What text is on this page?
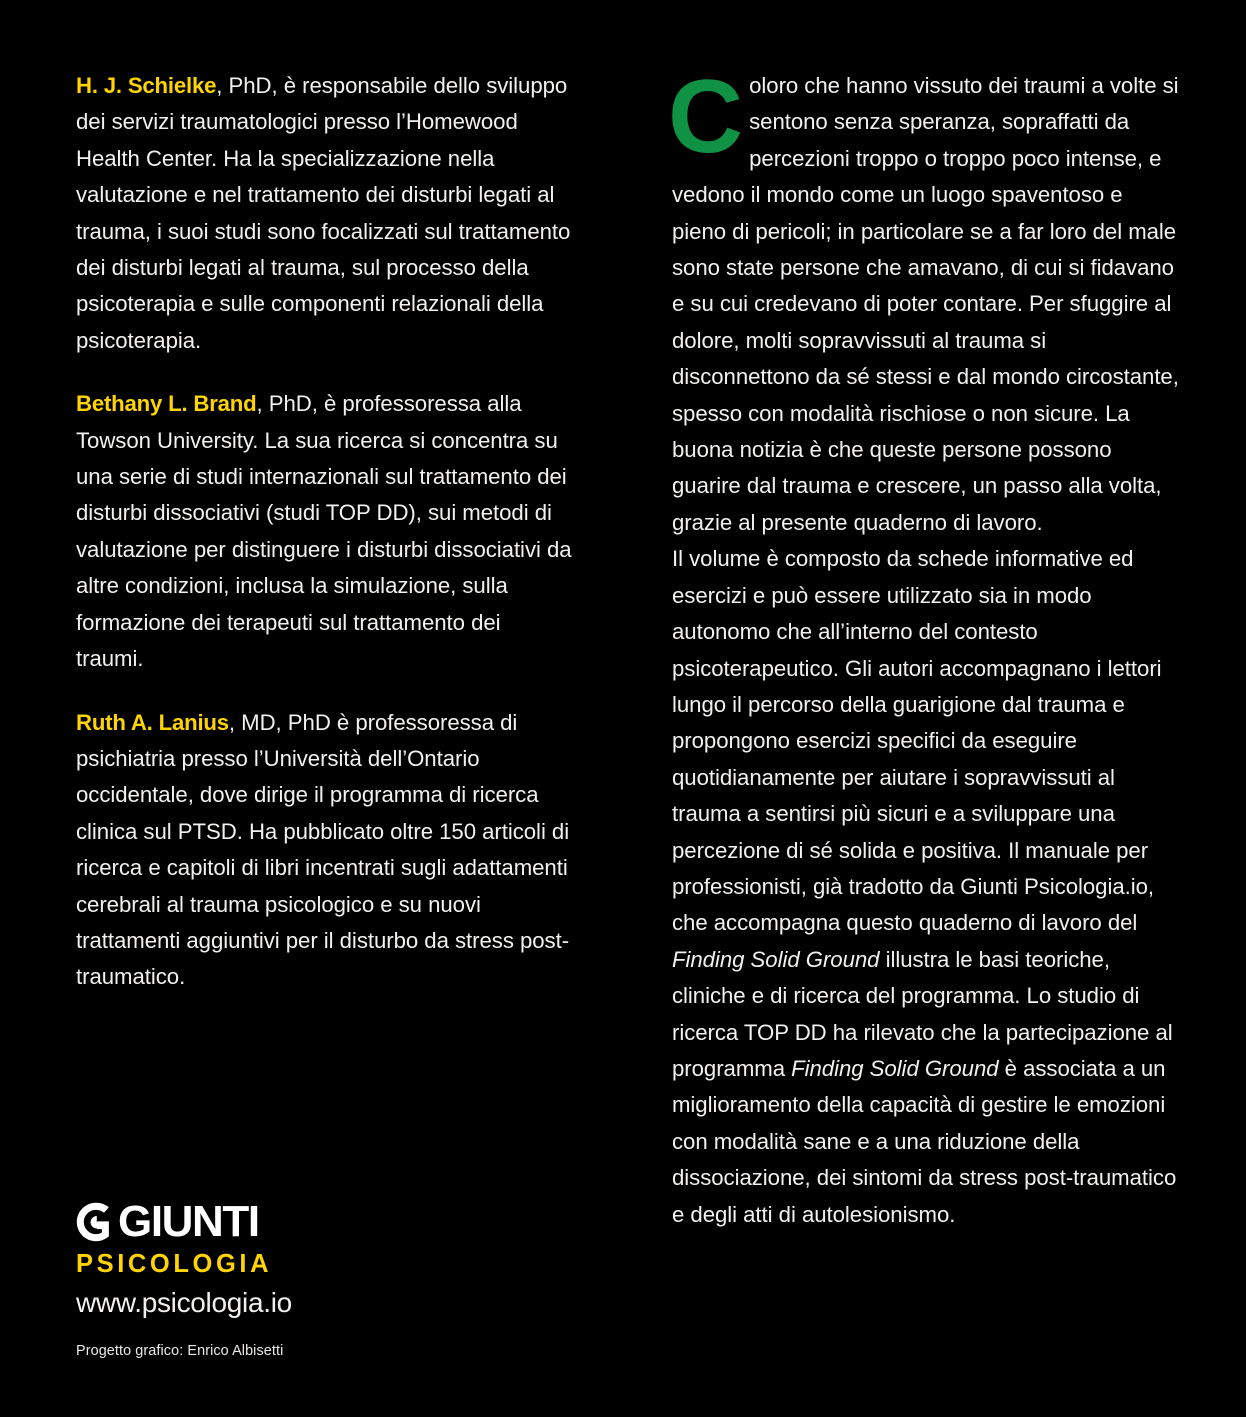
H. J. Schielke, PhD, è responsabile dello sviluppo dei servizi traumatologici presso l’Homewood Health Center. Ha la specializzazione nella valutazione e nel trattamento dei disturbi legati al trauma, i suoi studi sono focalizzati sul trattamento dei disturbi legati al trauma, sul processo della psicoterapia e sulle componenti relazionali della psicoterapia.

Bethany L. Brand, PhD, è professoressa alla Towson University. La sua ricerca si concentra su una serie di studi internazionali sul trattamento dei disturbi dissociativi (studi TOP DD), sui metodi di valutazione per distinguere i disturbi dissociativi da altre condizioni, inclusa la simulazione, sulla formazione dei terapeuti sul trattamento dei traumi.

Ruth A. Lanius, MD, PhD è professoressa di psichiatria presso l’Università dell’Ontario occidentale, dove dirige il programma di ricerca clinica sul PTSD. Ha pubblicato oltre 150 articoli di ricerca e capitoli di libri incentrati sugli adattamenti cerebrali al trauma psicologico e su nuovi trattamenti aggiuntivi per il disturbo da stress post-traumatico.

Coloro che hanno vissuto dei traumi a volte si sentono senza speranza, sopraffatti da percezioni troppo o troppo poco intense, e vedono il mondo come un luogo spaventoso e pieno di pericoli; in particolare se a far loro del male sono state persone che amavano, di cui si fidavano e su cui credevano di poter contare. Per sfuggire al dolore, molti sopravvissuti al trauma si disconnettono da sé stessi e dal mondo circostante, spesso con modalità rischiose o non sicure. La buona notizia è che queste persone possono guarire dal trauma e crescere, un passo alla volta, grazie al presente quaderno di lavoro.
Il volume è composto da schede informative ed esercizi e può essere utilizzato sia in modo autonomo che all’interno del contesto psicoterapeutico. Gli autori accompagnano i lettori lungo il percorso della guarigione dal trauma e propongono esercizi specifici da eseguire quotidianamente per aiutare i sopravvissuti al trauma a sentirsi più sicuri e a sviluppare una percezione di sé solida e positiva. Il manuale per professionisti, già tradotto da Giunti Psicologia.io, che accompagna questo quaderno di lavoro del Finding Solid Ground illustra le basi teoriche, cliniche e di ricerca del programma. Lo studio di ricerca TOP DD ha rilevato che la partecipazione al programma Finding Solid Ground è associata a un miglioramento della capacità di gestire le emozioni con modalità sane e a una riduzione della dissociazione, dei sintomi da stress post-traumatico e degli atti di autolesionismo.

GIUNTI
PSICOLOGIA
www.psicologia.io
Progetto grafico: Enrico Albisetti
